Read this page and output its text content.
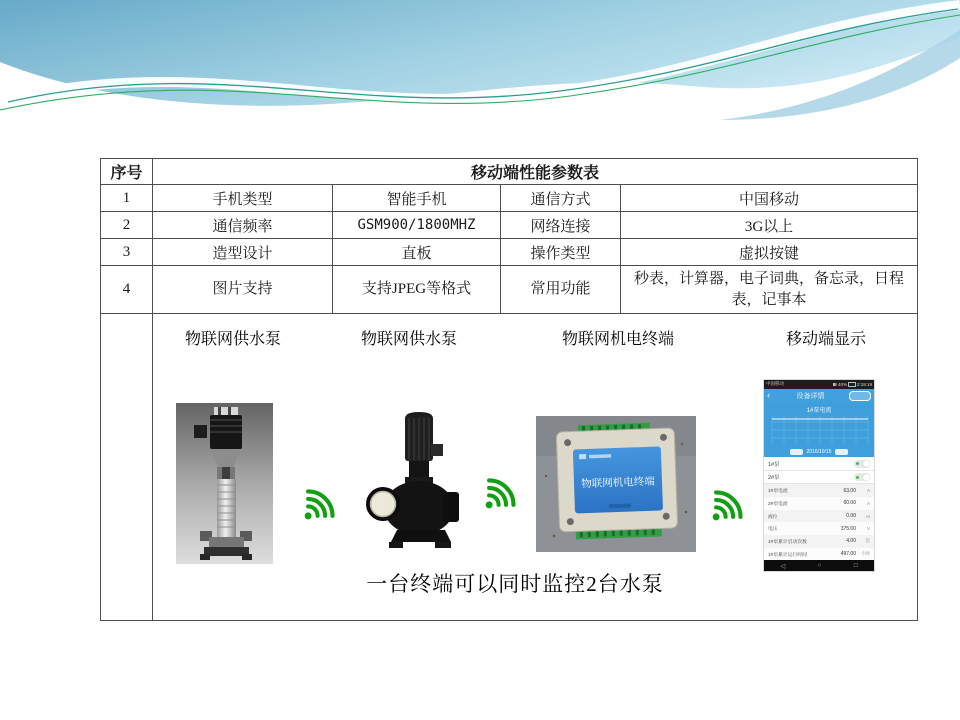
序号	移动端性能参数表			
1	手机类型	智能手机	通信方式	中国移动
2	通信频率	GSM900/1800MHZ	网络连接	3G以上
3	造型设计	直板	操作类型	虚拟按键
4	图片支持	支持JPEG等格式	常用功能	秒表，计算器，电子词典，备忘录，日程表，记事本

物联网供水泵	物联网供水泵	物联网机电终端	移动端显示
物联网机电终端
中国移动	40% 2:19:19
‹	设备详情
1#泵电流
2016/10/15
1#泵
2#泵
1#泵电流	63.00	A
2#泵电流	60.00	A
液位	0.00	m
电压	375.00	V
1#泵累计启动次数	4.00	次
1#泵累计运行时间	497.00	小时
◁	○	□
一台终端可以同时监控2台水泵
